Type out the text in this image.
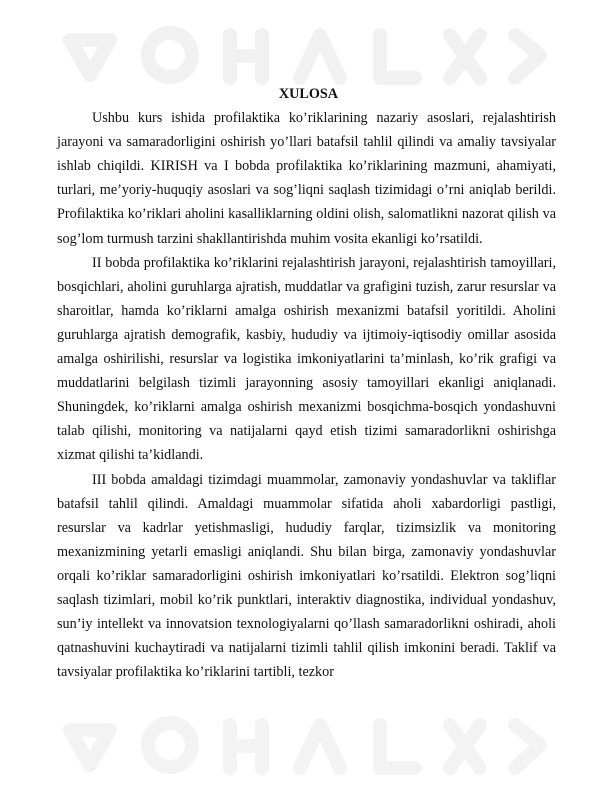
XULOSA

Ushbu kurs ishida profilaktika ko’riklarining nazariy asoslari, rejalashtirish jarayoni va samaradorligini oshirish yo’llari batafsil tahlil qilindi va amaliy tavsiyalar ishlab chiqildi. KIRISH va I bobda profilaktika ko’riklarining mazmuni, ahamiyati, turlari, me’yoriy-huquqiy asoslari va sog’liqni saqlash tizimidagi o’rni aniqlab berildi. Profilaktika ko’riklari aholini kasalliklarning oldini olish, salomatlikni nazorat qilish va sog’lom turmush tarzini shakllantirishda muhim vosita ekanligi ko’rsatildi.

II bobda profilaktika ko’riklarini rejalashtirish jarayoni, rejalashtirish tamoyillari, bosqichlari, aholini guruhlarga ajratish, muddatlar va grafigini tuzish, zarur resurslar va sharoitlar, hamda ko’riklarni amalga oshirish mexanizmi batafsil yoritildi. Aholini guruhlarga ajratish demografik, kasbiy, hududiy va ijtimoiy-iqtisodiy omillar asosida amalga oshirilishi, resurslar va logistika imkoniyatlarini ta’minlash, ko’rik grafigi va muddatlarini belgilash tizimli jarayonning asosiy tamoyillari ekanligi aniqlanadi. Shuningdek, ko’riklarni amalga oshirish mexanizmi bosqichma-bosqich yondashuvni talab qilishi, monitoring va natijalarni qayd etish tizimi samaradorlikni oshirishga xizmat qilishi ta’kidlandi.

III bobda amaldagi tizimdagi muammolar, zamonaviy yondashuvlar va takliflar batafsil tahlil qilindi. Amaldagi muammolar sifatida aholi xabardorligi pastligi, resurslar va kadrlar yetishmasligi, hududiy farqlar, tizimsizlik va monitoring mexanizmining yetarli emasligi aniqlandi. Shu bilan birga, zamonaviy yondashuvlar orqali ko’riklar samaradorligini oshirish imkoniyatlari ko’rsatildi. Elektron sog’liqni saqlash tizimlari, mobil ko’rik punktlari, interaktiv diagnostika, individual yondashuv, sun’iy intellekt va innovatsion texnologiyalarni qo’llash samaradorlikni oshiradi, aholi qatnashuvini kuchaytiradi va natijalarni tizimli tahlil qilish imkonini beradi. Taklif va tavsiyalar profilaktika ko’riklarini tartibli, tezkor
